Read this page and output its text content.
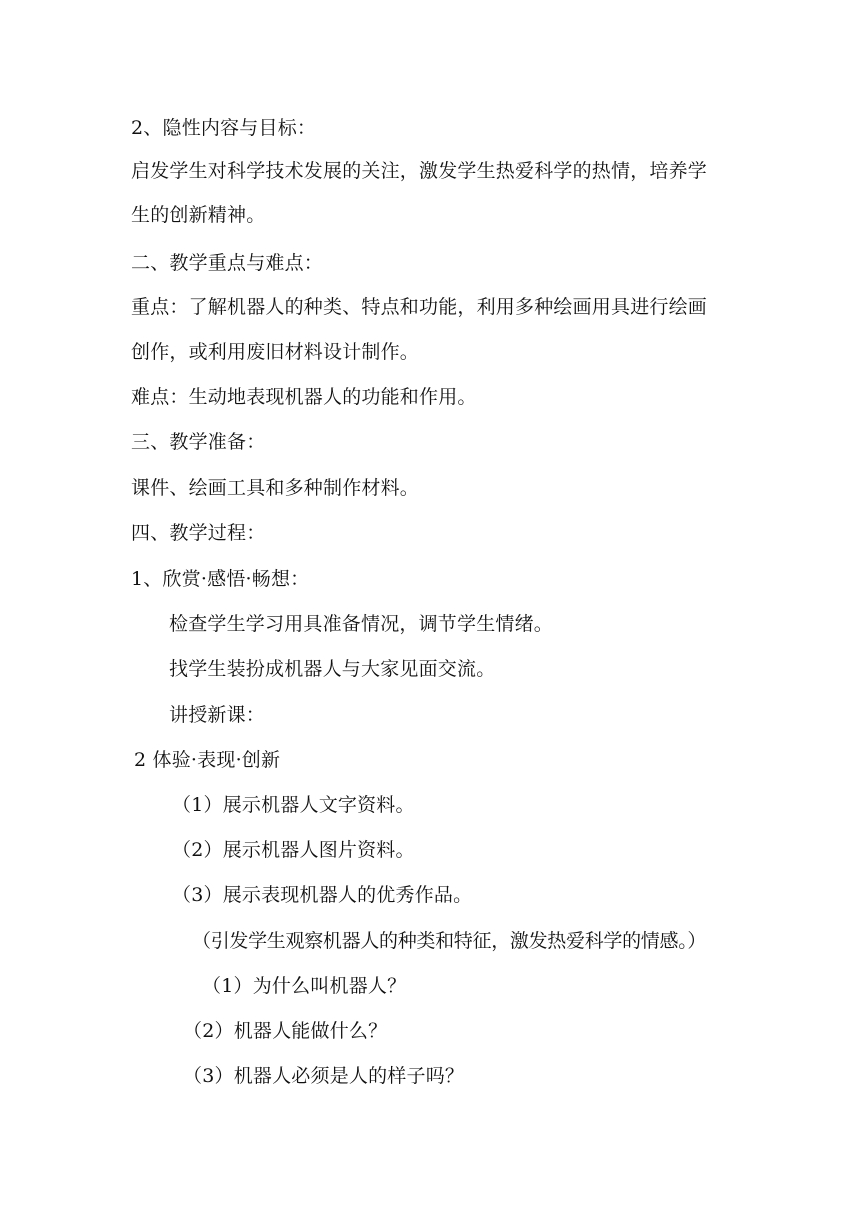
2、隐性内容与目标：
启发学生对科学技术发展的关注，激发学生热爱科学的热情，培养学
生的创新精神。
二、教学重点与难点：
重点：了解机器人的种类、特点和功能，利用多种绘画用具进行绘画
创作，或利用废旧材料设计制作。
难点：生动地表现机器人的功能和作用。
三、教学准备：
课件、绘画工具和多种制作材料。
四、教学过程：
1、欣赏·感悟·畅想：
检查学生学习用具准备情况，调节学生情绪。
找学生装扮成机器人与大家见面交流。
讲授新课：
2 体验·表现·创新
（1）展示机器人文字资料。
（2）展示机器人图片资料。
（3）展示表现机器人的优秀作品。
（引发学生观察机器人的种类和特征，激发热爱科学的情感。）
（1）为什么叫机器人？
（2）机器人能做什么？
（3）机器人必须是人的样子吗？
